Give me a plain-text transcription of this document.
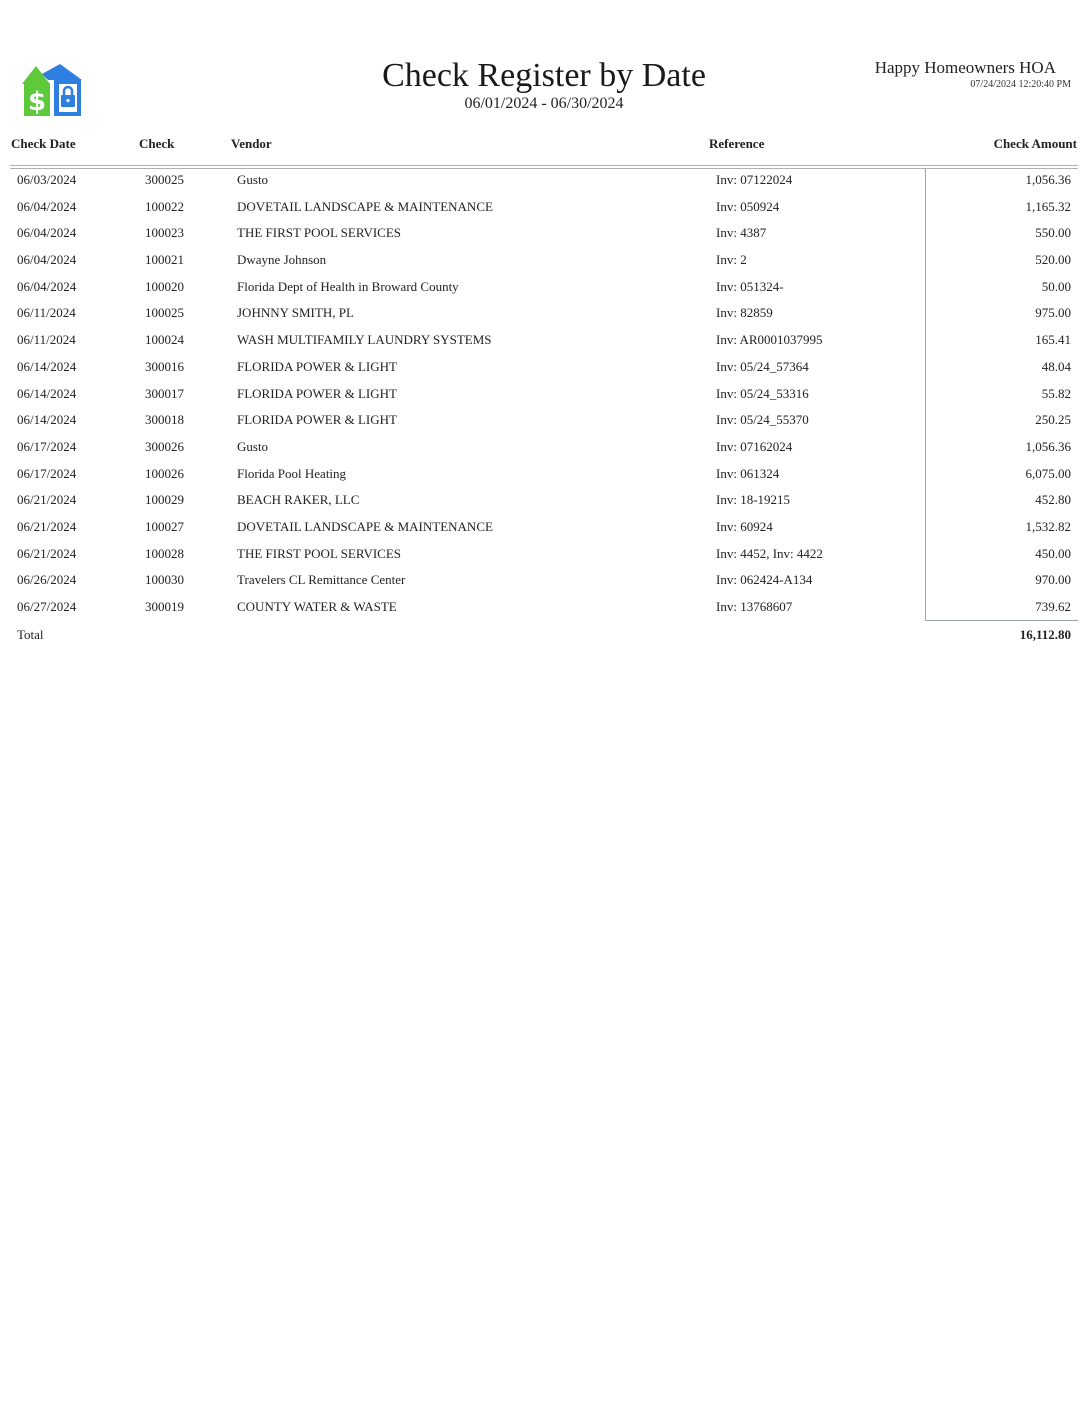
$
Check Register by Date
06/01/2024 - 06/30/2024
Happy Homeowners HOA
07/24/2024 12:20:40 PM
Check Date	Check	Vendor	Reference	Check Amount
06/03/2024	300025	Gusto	Inv: 07122024	1,056.36
06/04/2024	100022	DOVETAIL LANDSCAPE & MAINTENANCE	Inv: 050924	1,165.32
06/04/2024	100023	THE FIRST POOL SERVICES	Inv: 4387	550.00
06/04/2024	100021	Dwayne Johnson	Inv: 2	520.00
06/04/2024	100020	Florida Dept of Health in Broward County	Inv: 051324-	50.00
06/11/2024	100025	JOHNNY SMITH, PL	Inv: 82859	975.00
06/11/2024	100024	WASH MULTIFAMILY LAUNDRY SYSTEMS	Inv: AR0001037995	165.41
06/14/2024	300016	FLORIDA POWER & LIGHT	Inv: 05/24_57364	48.04
06/14/2024	300017	FLORIDA POWER & LIGHT	Inv: 05/24_53316	55.82
06/14/2024	300018	FLORIDA POWER & LIGHT	Inv: 05/24_55370	250.25
06/17/2024	300026	Gusto	Inv: 07162024	1,056.36
06/17/2024	100026	Florida Pool Heating	Inv: 061324	6,075.00
06/21/2024	100029	BEACH RAKER, LLC	Inv: 18-19215	452.80
06/21/2024	100027	DOVETAIL LANDSCAPE & MAINTENANCE	Inv: 60924	1,532.82
06/21/2024	100028	THE FIRST POOL SERVICES	Inv: 4452, Inv: 4422	450.00
06/26/2024	100030	Travelers CL Remittance Center	Inv: 062424-A134	970.00
06/27/2024	300019	COUNTY WATER & WASTE	Inv: 13768607	739.62
Total	16,112.80
